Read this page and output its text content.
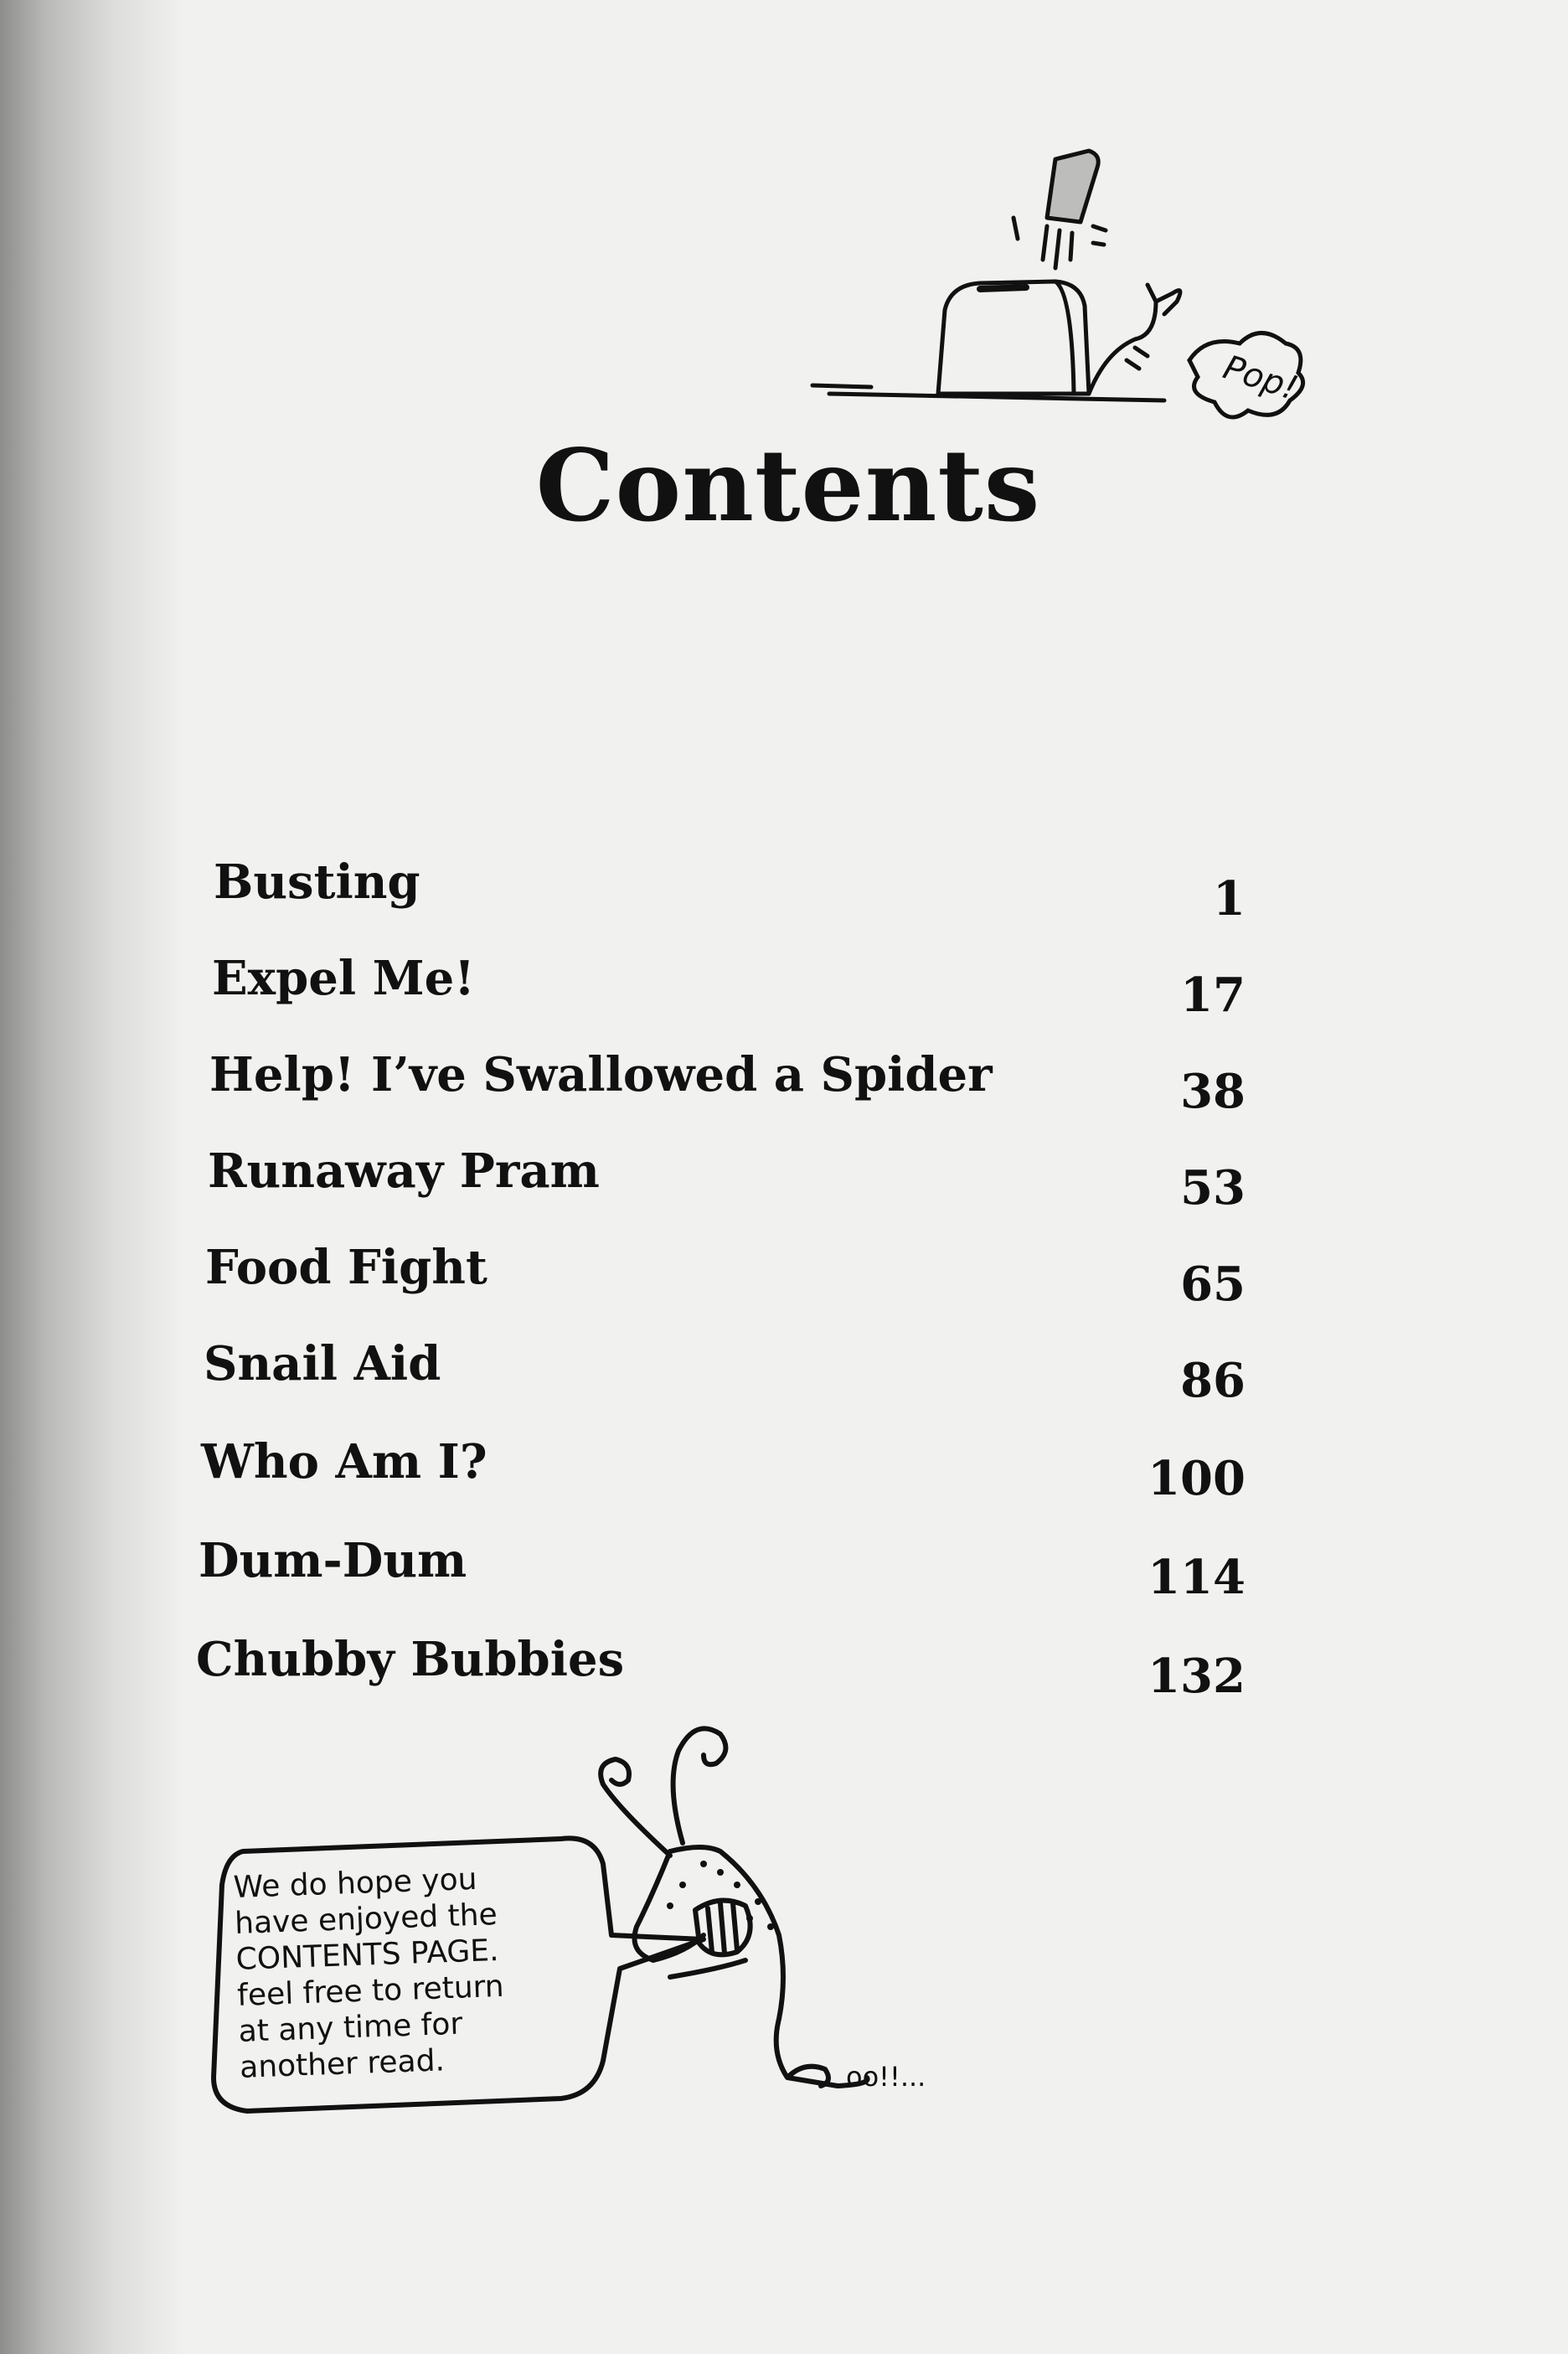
Pop!
Contents
Busting	1
Expel Me!	17
Help! I’ve Swallowed a Spider	38
Runaway Pram	53
Food Fight	65
Snail Aid	86
Who Am I?	100
Dum-Dum	114
Chubby Bubbies	132
oo!!...
We do hope you
have enjoyed the
CONTENTS PAGE.
feel free to return
at any time for
another read.
